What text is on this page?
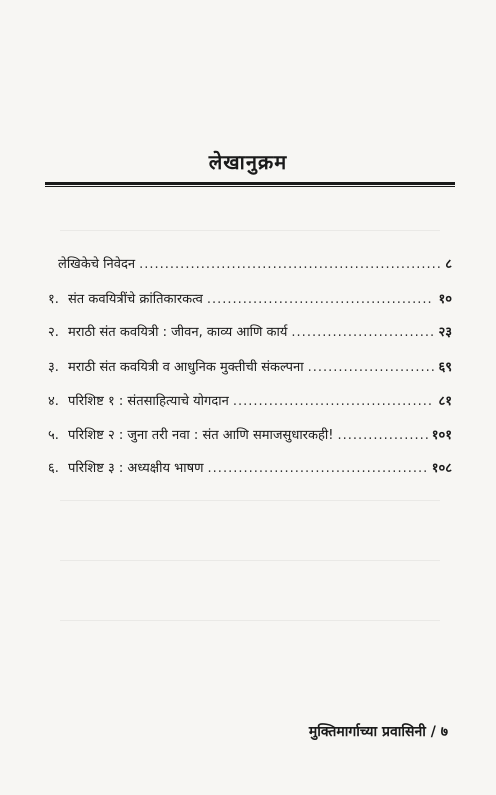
लेखानुक्रम
लेखिकेचे निवेदन .....	८
१. संत कवयित्रींचे क्रांतिकारकत्व .....	१०
२. मराठी संत कवयित्री : जीवन, काव्य आणि कार्य .....	२३
३. मराठी संत कवयित्री व आधुनिक मुक्तीची संकल्पना .....	६९
४. परिशिष्ट १ : संतसाहित्याचे योगदान .....	८१
५. परिशिष्ट २ : जुना तरी नवा : संत आणि समाजसुधारकही! .....	१०१
६. परिशिष्ट ३ : अध्यक्षीय भाषण .....	१०८
मुक्तिमार्गाच्या प्रवासिनी / ७
